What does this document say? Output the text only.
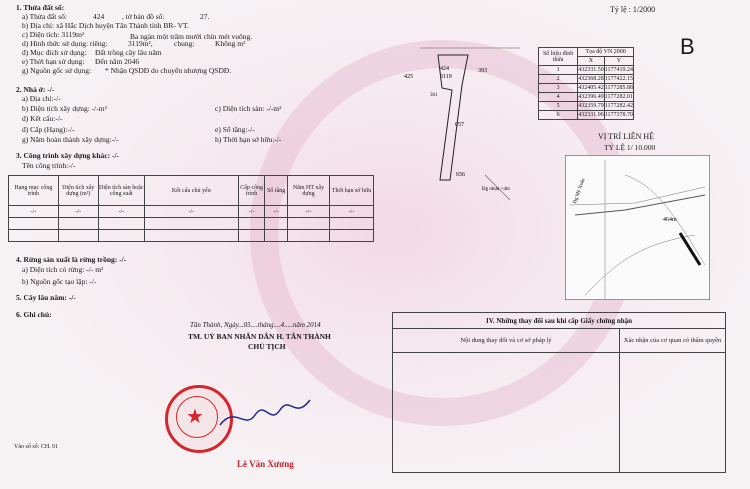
Tỷ lệ : 1/2000
B
1. Thửa đất số:
a) Thửa đất số:	424 , tờ bản đồ số:	27.
b) Địa chỉ: xã Hắc Dịch huyện Tân Thành tỉnh BR- VT.
c) Diện tích: 3119m²	Ba ngàn một trăm mười chín mét vuông.
d) Hình thức sử dụng: riêng:	3119m²,	chung:	Không m²
đ) Mục đích sử dụng: Đất trồng cây lâu năm
e) Thời hạn sử dụng: Đến năm 2046
g) Nguồn gốc sử dụng: * Nhận QSDĐ do chuyển nhượng QSDĐ.
2. Nhà ở: -/-
a) Địa chỉ:-/-
b) Diện tích xây dựng: -/-m²	c) Diện tích sàn: -/-m²
d) Kết cấu:-/-
đ) Cấp (Hạng):-/-	e) Số tầng:-/-
g) Năm hoàn thành xây dựng:-/-	h) Thời hạn sở hữu:-/-
3. Công trình xây dựng khác: -/-
Tên công trình:-/-
Hạng mục công trình	Diện tích xây dựng (m²)	Diện tích sàn hoặc công suất	Kết cấu chủ yếu	Cấp công trình	Số tầng	Năm HT xây dựng	Thời hạn sở hữu
-/-	-/-	-/-	-/-	-/-	-/-	-/-	-/-

4. Rừng sản xuất là rừng trồng: -/-
a) Diện tích có rừng: -/- m²
b) Nguồn gốc tạo lập: -/-
5. Cây lâu năm: -/-
6. Ghi chú:
424
3119
425
393
657
656
361
Đg nhựa >4m
Số hiệu đỉnh thửa	Tọa độ VN 2000	
	X	Y
1	432331.50	1177419.24
2	432368.28	1177422.15
3	432405.42	1177285.88
4	432396.49	1177282.01
5	432359.79	1177282.42
6	432331.96	1177378.70
VỊ TRÍ LIÊN HỆ
TỶ LỆ 1/ 10.000
464m
Đg Mỹ Xuân
Tân Thành, Ngày...05....tháng....4.....năm 2014
TM. UỶ BAN NHÂN DÂN H. TÂN THÀNH
CHỦ TỊCH
★
Lê Văn Xương
Vào sổ số: CH. 01
IV. Những thay đổi sau khi cấp Giấy chứng nhận	
Nội dung thay đổi và cơ sở pháp lý	Xác nhận của cơ quan có thẩm quyền
